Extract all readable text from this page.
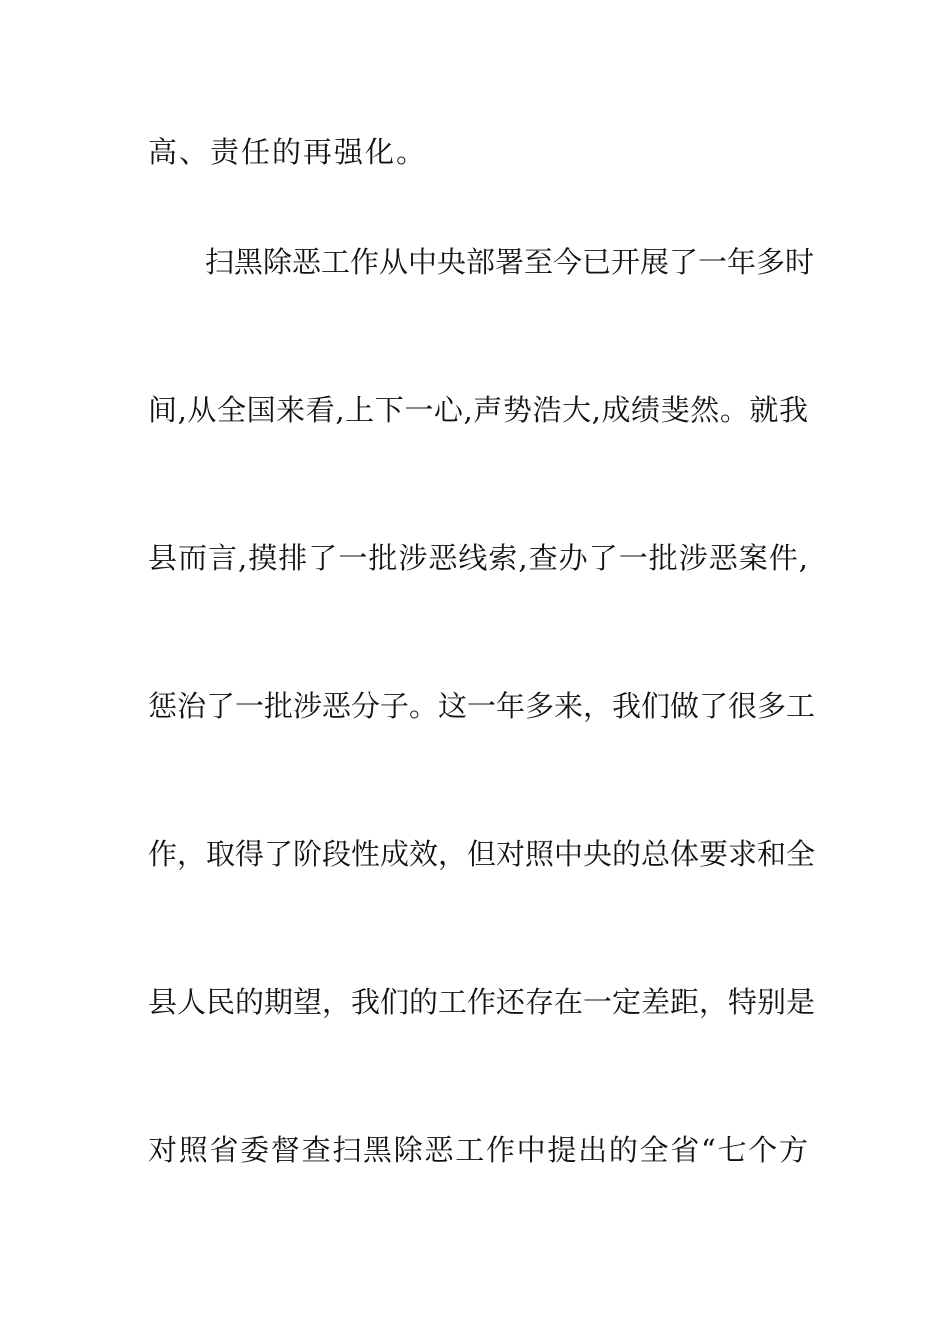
高、责任的再强化。
扫黑除恶工作从中央部署至今已开展了一年多时
间,从全国来看,上下一心,声势浩大,成绩斐然。就我
县而言,摸排了一批涉恶线索,查办了一批涉恶案件,
惩治了一批涉恶分子。这一年多来，我们做了很多工
作，取得了阶段性成效，但对照中央的总体要求和全
县人民的期望，我们的工作还存在一定差距，特别是
对照省委督查扫黑除恶工作中提出的全省“七个方
